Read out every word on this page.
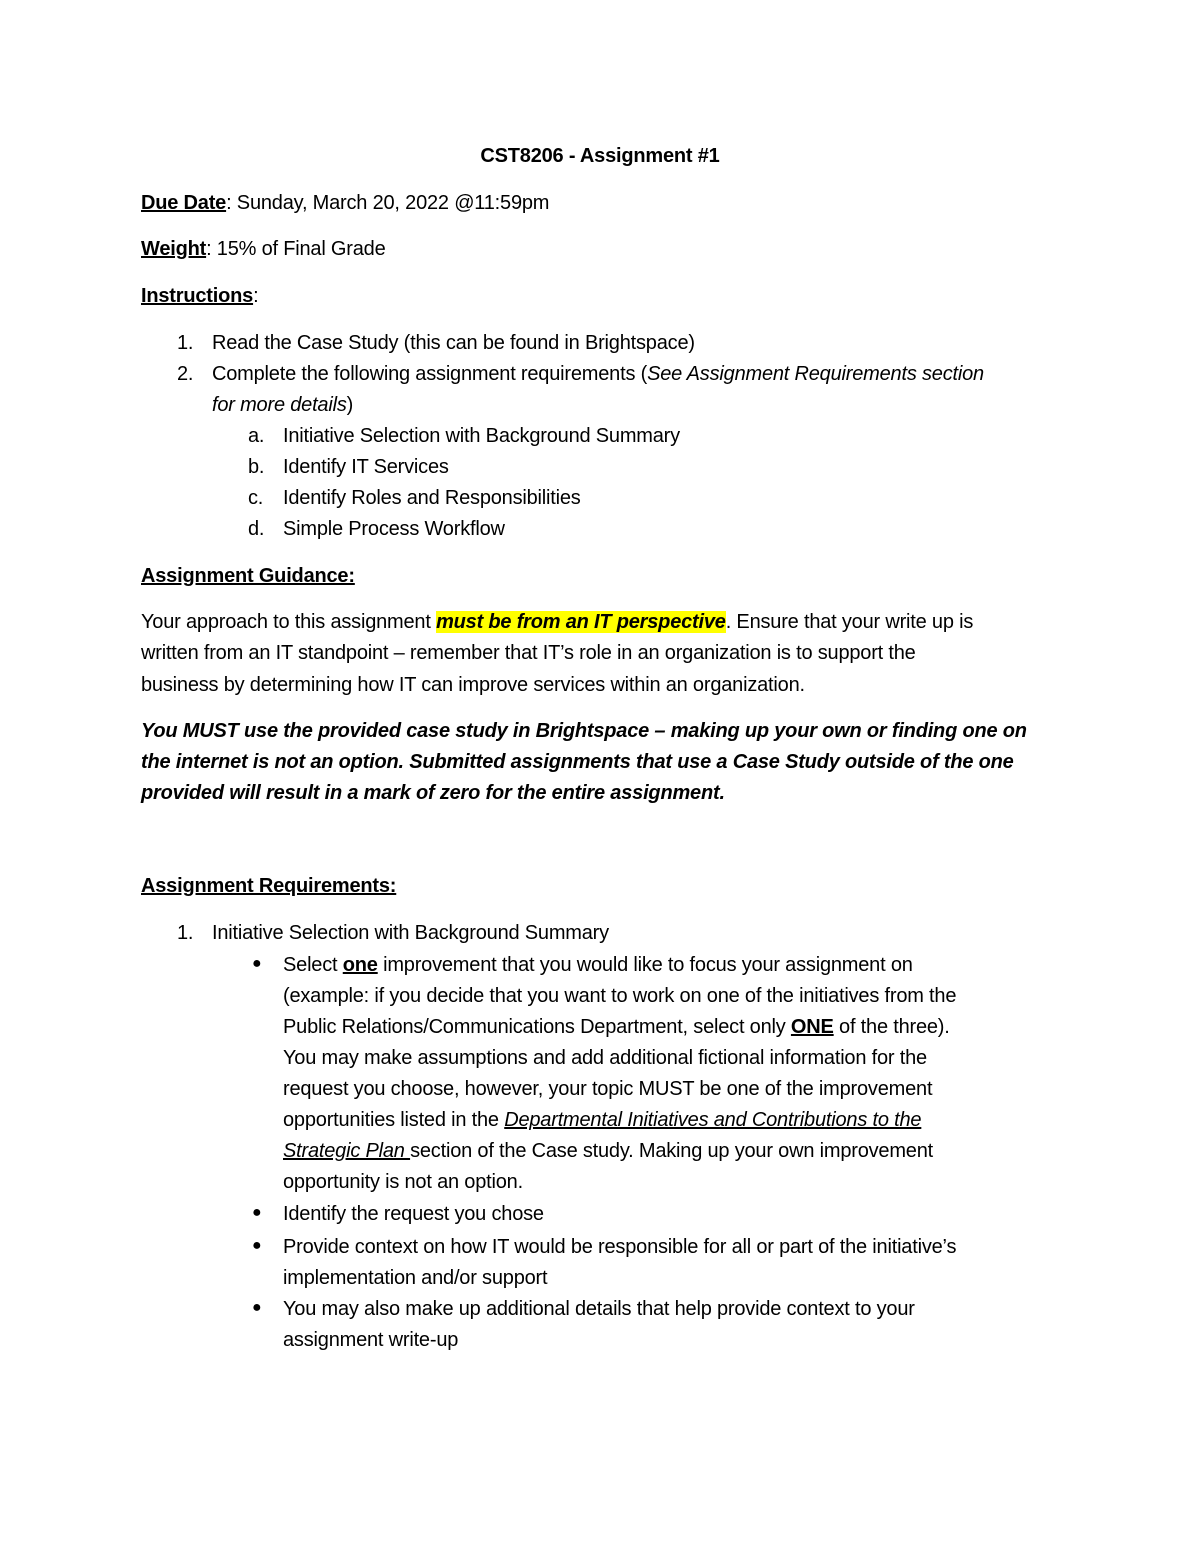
CST8206 - Assignment #1
Due Date: Sunday, March 20, 2022 @11:59pm
Weight: 15% of Final Grade
Instructions:
1. Read the Case Study (this can be found in Brightspace)
2. Complete the following assignment requirements (See Assignment Requirements section
for more details)
a. Initiative Selection with Background Summary
b. Identify IT Services
c. Identify Roles and Responsibilities
d. Simple Process Workflow
Assignment Guidance:
Your approach to this assignment must be from an IT perspective. Ensure that your write up is
written from an IT standpoint – remember that IT’s role in an organization is to support the
business by determining how IT can improve services within an organization.
You MUST use the provided case study in Brightspace – making up your own or finding one on
the internet is not an option. Submitted assignments that use a Case Study outside of the one
provided will result in a mark of zero for the entire assignment.
Assignment Requirements:
1. Initiative Selection with Background Summary
● Select one improvement that you would like to focus your assignment on
(example: if you decide that you want to work on one of the initiatives from the
Public Relations/Communications Department, select only ONE of the three).
You may make assumptions and add additional fictional information for the
request you choose, however, your topic MUST be one of the improvement
opportunities listed in the Departmental Initiatives and Contributions to the
Strategic Plan section of the Case study. Making up your own improvement
opportunity is not an option.
● Identify the request you chose
● Provide context on how IT would be responsible for all or part of the initiative’s
implementation and/or support
● You may also make up additional details that help provide context to your
assignment write-up
